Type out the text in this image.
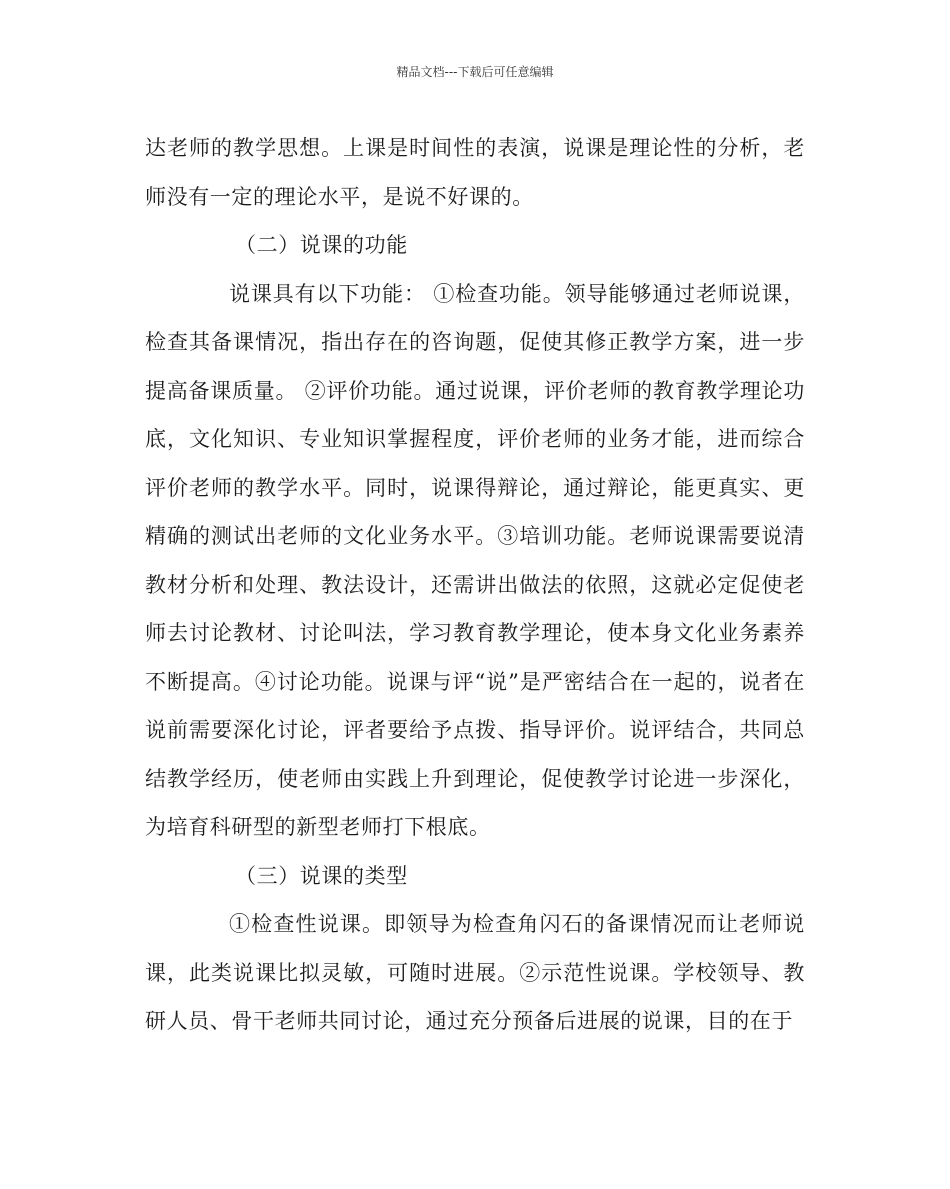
精品文档---下载后可任意编辑

达老师的教学思想。上课是时间性的表演，说课是理论性的分析，老师没有一定的理论水平，是说不好课的。

（二）说课的功能

说课具有以下功能： ①检查功能。领导能够通过老师说课，检查其备课情况，指出存在的咨询题，促使其修正教学方案，进一步提高备课质量。 ②评价功能。通过说课，评价老师的教育教学理论功底，文化知识、专业知识掌握程度，评价老师的业务才能，进而综合评价老师的教学水平。同时，说课得辩论，通过辩论，能更真实、更精确的测试出老师的文化业务水平。③培训功能。老师说课需要说清教材分析和处理、教法设计，还需讲出做法的依照，这就必定促使老师去讨论教材、讨论叫法，学习教育教学理论，使本身文化业务素养不断提高。④讨论功能。说课与评“说”是严密结合在一起的，说者在说前需要深化讨论，评者要给予点拨、指导评价。说评结合，共同总结教学经历，使老师由实践上升到理论，促使教学讨论进一步深化，为培育科研型的新型老师打下根底。

（三）说课的类型

①检查性说课。即领导为检查角闪石的备课情况而让老师说课，此类说课比拟灵敏，可随时进展。②示范性说课。学校领导、教研人员、骨干老师共同讨论，通过充分预备后进展的说课，目的在于
